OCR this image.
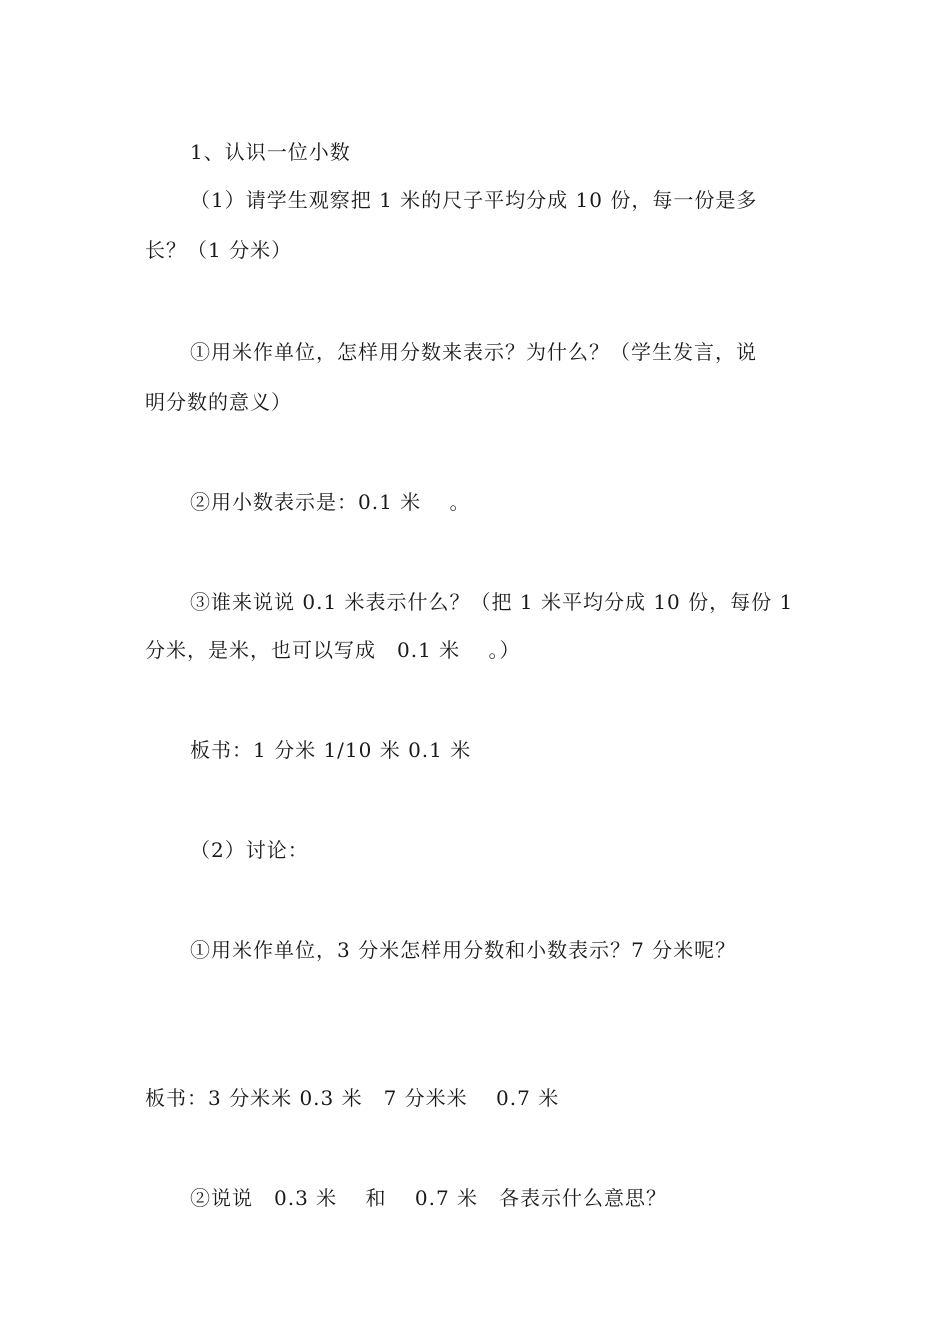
1、认识一位小数
（1）请学生观察把 1 米的尺子平均分成 10 份，每一份是多
长？（1 分米）
①用米作单位，怎样用分数来表示？为什么？（学生发言，说
明分数的意义）
②用小数表示是：0.1 米　 。
③谁来说说 0.1 米表示什么？（把 1 米平均分成 10 份，每份 1
分米，是米，也可以写成　0.1 米　 。）
板书：1 分米 1/10 米 0.1 米
（2）讨论：
①用米作单位，3 分米怎样用分数和小数表示？7 分米呢？
板书：3 分米米 0.3 米　7 分米米　 0.7 米
②说说　0.3 米　 和　 0.7 米　各表示什么意思？
